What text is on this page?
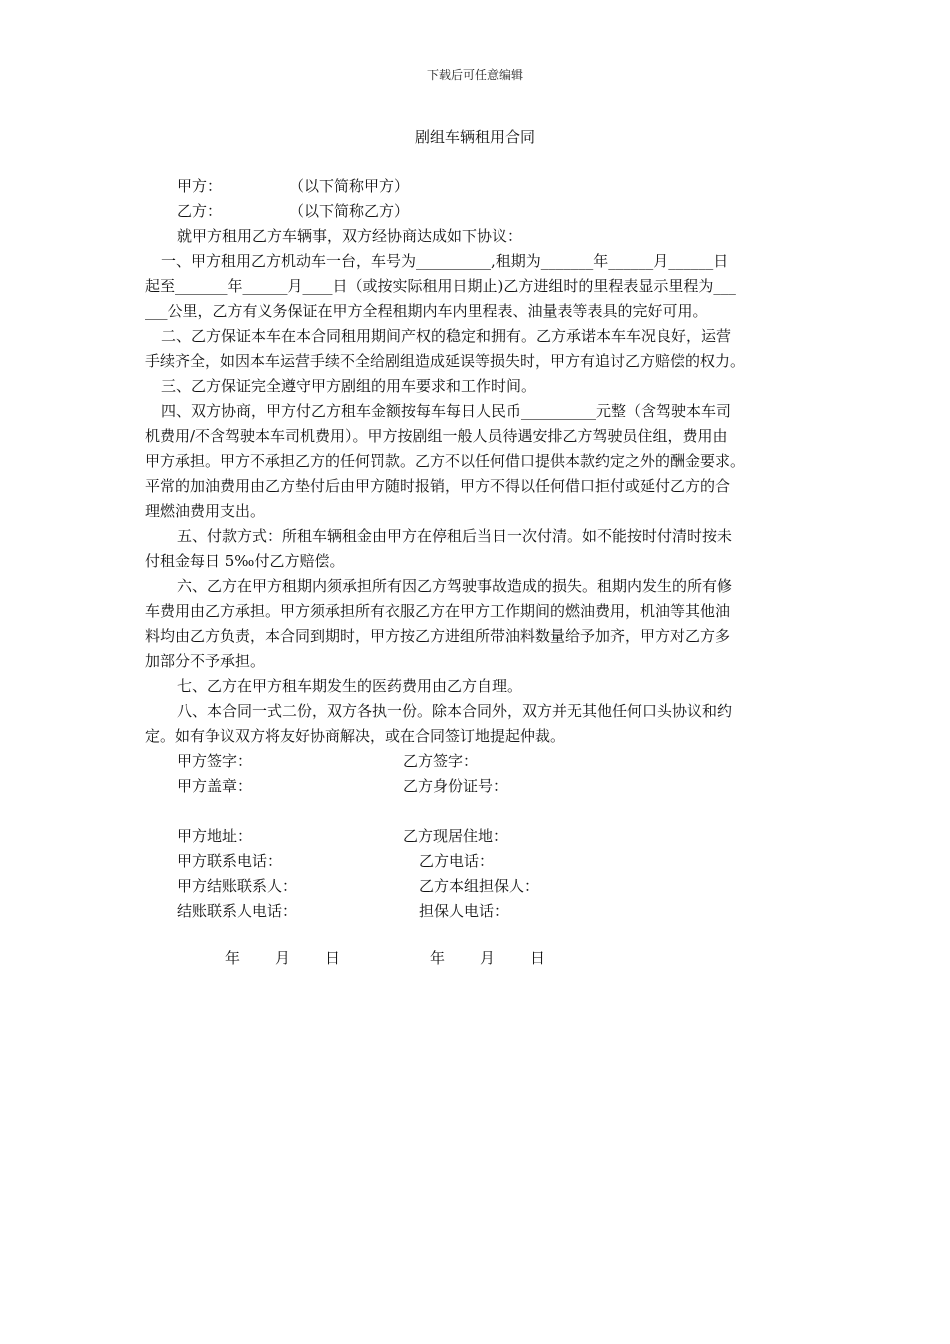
下载后可任意编辑
剧组车辆租用合同
甲方：	（以下简称甲方）
乙方：	（以下简称乙方）
就甲方租用乙方车辆事，双方经协商达成如下协议：
一、甲方租用乙方机动车一台，车号为__________,租期为_______年______月______日
起至_______年______月____日（或按实际租用日期止)乙方进组时的里程表显示里程为___
___公里，乙方有义务保证在甲方全程租期内车内里程表、油量表等表具的完好可用。
二、乙方保证本车在本合同租用期间产权的稳定和拥有。乙方承诺本车车况良好，运营
手续齐全，如因本车运营手续不全给剧组造成延误等损失时，甲方有追讨乙方赔偿的权力。
三、乙方保证完全遵守甲方剧组的用车要求和工作时间。
四、双方协商，甲方付乙方租车金额按每车每日人民币__________元整（含驾驶本车司
机费用/不含驾驶本车司机费用）。甲方按剧组一般人员待遇安排乙方驾驶员住组，费用由
甲方承担。甲方不承担乙方的任何罚款。乙方不以任何借口提供本款约定之外的酬金要求。
平常的加油费用由乙方垫付后由甲方随时报销，甲方不得以任何借口拒付或延付乙方的合
理燃油费用支出。
五、付款方式：所租车辆租金由甲方在停租后当日一次付清。如不能按时付清时按未
付租金每日 5‰付乙方赔偿。
六、乙方在甲方租期内须承担所有因乙方驾驶事故造成的损失。租期内发生的所有修
车费用由乙方承担。甲方须承担所有衣服乙方在甲方工作期间的燃油费用，机油等其他油
料均由乙方负责，本合同到期时，甲方按乙方进组所带油料数量给予加齐，甲方对乙方多
加部分不予承担。
七、乙方在甲方租车期发生的医药费用由乙方自理。
八、本合同一式二份，双方各执一份。除本合同外，双方并无其他任何口头协议和约
定。如有争议双方将友好协商解决，或在合同签订地提起仲裁。
甲方签字：	乙方签字：
甲方盖章：	乙方身份证号：
甲方地址：	乙方现居住地：
甲方联系电话：	乙方电话：
甲方结账联系人：	乙方本组担保人：
结账联系人电话：	担保人电话：
年	月	日	年	月	日
